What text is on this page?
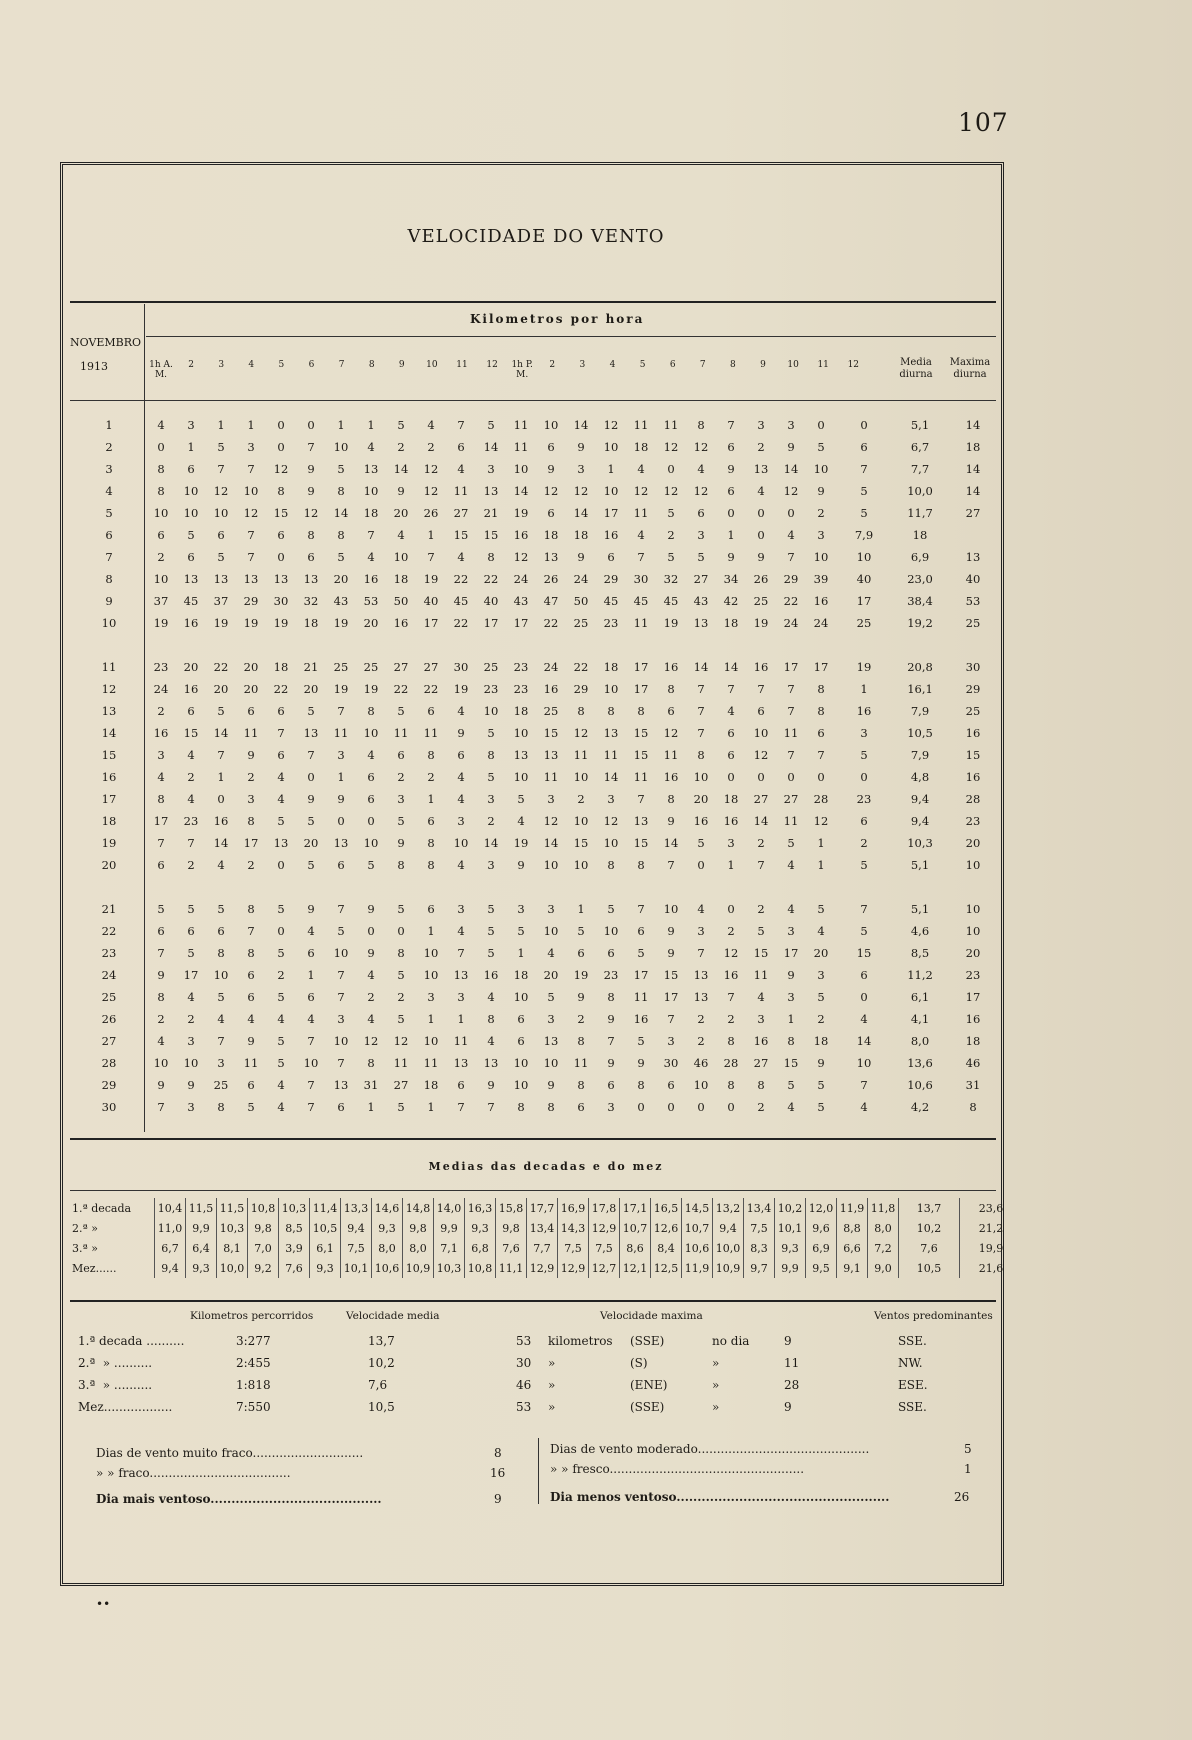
107
VELOCIDADE DO VENTO
Kilometros por hora
NOVEMBRO
1913	1h A. M.
2	3	4	5	6	7	8	9	10	11	12	1h P. M.
2	3	4	5	6	7	8	9	10	11	12	Media diurna
Maxima diurna
1	4	3	1	1	0	0	1	1	5	4	7	5	11	10	14	12	11	11	8	7	3	3	0	0	5,1	14
2	0	1	5	3	0	7	10	4	2	2	6	14	11	6	9	10	18	12	12	6	2	9	5	6	6,7	18
3	8	6	7	7	12	9	5	13	14	12	4	3	10	9	3	1	4	0	4	9	13	14	10	7	7,7	14
4	8	10	12	10	8	9	8	10	9	12	11	13	14	12	12	10	12	12	12	6	4	12	9	5	10,0	14
5	10	10	10	12	15	12	14	18	20	26	27	21	19	6	14	17	11	5	6	0	0	0	2	5	11,7	27
6	6	5	6	7	6	8	8	7	4	1	15	15	16	18	18	16	4	2	3	1	0	4	3	7,9	18	
7	2	6	5	7	0	6	5	4	10	7	4	8	12	13	9	6	7	5	5	9	9	7	10	10	6,9	13
8	10	13	13	13	13	13	20	16	18	19	22	22	24	26	24	29	30	32	27	34	26	29	39	40	23,0	40
9	37	45	37	29	30	32	43	53	50	40	45	40	43	47	50	45	45	45	43	42	25	22	16	17	38,4	53
10	19	16	19	19	19	18	19	20	16	17	22	17	17	22	25	23	11	19	13	18	19	24	24	25	19,2	25

11	23	20	22	20	18	21	25	25	27	27	30	25	23	24	22	18	17	16	14	14	16	17	17	19	20,8	30
12	24	16	20	20	22	20	19	19	22	22	19	23	23	16	29	10	17	8	7	7	7	7	8	1	16,1	29
13	2	6	5	6	6	5	7	8	5	6	4	10	18	25	8	8	8	6	7	4	6	7	8	16	7,9	25
14	16	15	14	11	7	13	11	10	11	11	9	5	10	15	12	13	15	12	7	6	10	11	6	3	10,5	16
15	3	4	7	9	6	7	3	4	6	8	6	8	13	13	11	11	15	11	8	6	12	7	7	5	7,9	15
16	4	2	1	2	4	0	1	6	2	2	4	5	10	11	10	14	11	16	10	0	0	0	0	0	4,8	16
17	8	4	0	3	4	9	9	6	3	1	4	3	5	3	2	3	7	8	20	18	27	27	28	23	9,4	28
18	17	23	16	8	5	5	0	0	5	6	3	2	4	12	10	12	13	9	16	16	14	11	12	6	9,4	23
19	7	7	14	17	13	20	13	10	9	8	10	14	19	14	15	10	15	14	5	3	2	5	1	2	10,3	20
20	6	2	4	2	0	5	6	5	8	8	4	3	9	10	10	8	8	7	0	1	7	4	1	5	5,1	10

21	5	5	5	8	5	9	7	9	5	6	3	5	3	3	1	5	7	10	4	0	2	4	5	7	5,1	10
22	6	6	6	7	0	4	5	0	0	1	4	5	5	10	5	10	6	9	3	2	5	3	4	5	4,6	10
23	7	5	8	8	5	6	10	9	8	10	7	5	1	4	6	6	5	9	7	12	15	17	20	15	8,5	20
24	9	17	10	6	2	1	7	4	5	10	13	16	18	20	19	23	17	15	13	16	11	9	3	6	11,2	23
25	8	4	5	6	5	6	7	2	2	3	3	4	10	5	9	8	11	17	13	7	4	3	5	0	6,1	17
26	2	2	4	4	4	4	3	4	5	1	1	8	6	3	2	9	16	7	2	2	3	1	2	4	4,1	16
27	4	3	7	9	5	7	10	12	12	10	11	4	6	13	8	7	5	3	2	8	16	8	18	14	8,0	18
28	10	10	3	11	5	10	7	8	11	11	13	13	10	10	11	9	9	30	46	28	27	15	9	10	13,6	46
29	9	9	25	6	4	7	13	31	27	18	6	9	10	9	8	6	8	6	10	8	8	5	5	7	10,6	31
30	7	3	8	5	4	7	6	1	5	1	7	7	8	8	6	3	0	0	0	0	2	4	5	4	4,2	8
Medias das decadas e do mez
1.ª decada	10,4	11,5	11,5	10,8	10,3	11,4	13,3	14,6	14,8	14,0	16,3	15,8	17,7	16,9	17,8	17,1	16,5	14,5	13,2	13,4	10,2	12,0	11,9	11,8	13,7	23,6
2.ª »	11,0	9,9	10,3	9,8	8,5	10,5	9,4	9,3	9,8	9,9	9,3	9,8	13,4	14,3	12,9	10,7	12,6	10,7	9,4	7,5	10,1	9,6	8,8	8,0	10,2	21,2
3.ª »	6,7	6,4	8,1	7,0	3,9	6,1	7,5	8,0	8,0	7,1	6,8	7,6	7,7	7,5	7,5	8,6	8,4	10,6	10,0	8,3	9,3	6,9	6,6	7,2	7,6	19,9
Mez......	9,4	9,3	10,0	9,2	7,6	9,3	10,1	10,6	10,9	10,3	10,8	11,1	12,9	12,9	12,7	12,1	12,5	11,9	10,9	9,7	9,9	9,5	9,1	9,0	10,5	21,6
Kilometros percorridos	Velocidade media	Velocidade maxima	Ventos predominantes
1.ª decada ..........	3:277	13,7	53 kilometros (SSE)	no dia	9	SSE.
2.ª  » ..........	2:455	10,2	30 »	(S)	»	11	NW.
3.ª  » ..........	1:818	7,6	46 »	(ENE)	»	28	ESE.
Mez..................	7:550	10,5	53 »	(SSE)	»	9	SSE.
Dias de vento muito fraco.............................	8
» » fraco.....................................	16
Dia mais ventoso.........................................	9
Dias de vento moderado.............................................	5
» » fresco...................................................	1
Dia menos ventoso...................................................	26
••
